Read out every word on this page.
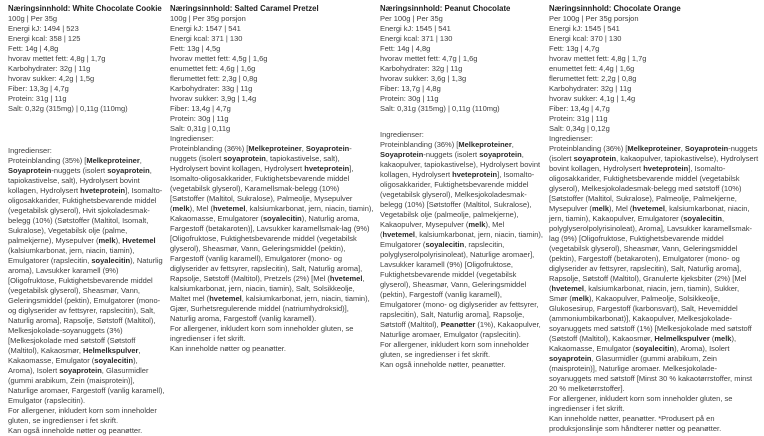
Næringsinnhold: White Chocolate Cookie
100g | Per 35g
Energi kJ: 1494 | 523
Energi kcal: 358 | 125
Fett: 14g | 4,8g
hvorav mettet fett: 4,8g | 1,7g
Karbohydrater: 32g | 11g
hvorav sukker: 4,2g | 1,5g
Fiber: 13,3g | 4,7g
Protein: 31g | 11g
Salt: 0,32g (315mg) | 0,11g (110mg)
Ingredienser:

Proteinblanding (35%) [Melkeproteiner, Soyaprotein-nuggets (isolert soyaprotein, tapiokastivelse, salt), Hydrolysert bovint kollagen, Hydrolysert hveteprotein], Isomalto-oligosakkarider, Fuktighetsbevarende middel (vegetabilsk glyserol), Hvit sjokoladesmak-belegg (10%) (Søtstoffer (Maltitol, Isomalt, Sukralose), Vegetabilsk olje (palme, palmekjerne), Mysepulver (melk), Hvetemel (kalsiumkarbonat, jern, niacin, tiamin), Emulgatorer (rapslecitin, soyalecitin), Naturlig aroma), Lavsukker karamell (9%) [Oligofruktose, Fuktighetsbevarende middel (vegetabilsk glyserol), Sheasmør, Vann, Geleringsmiddel (pektin), Emulgatorer (mono- og diglyserider av fettsyrer, rapslecitin), Salt, Naturlig aroma], Rapsolje, Søtstoff (Maltitol), Melkesjokolade-soyanuggets (3%) [Melkesjokolade med søtstoff (Søtstoff (Maltitol), Kakaosmør, Helmelkspulver, Kakaomasse, Emulgator (soyalecitin), Aroma), Isolert soyaprotein, Glasurmidler (gummi arabikum, Zein (maisprotein)], Naturlige aromaer, Fargestoff (vanlig karamell), Emulgator (rapslecitin).

For allergener, inkludert korn som inneholder gluten, se ingredienser i fet skrift.

Kan også inneholde nøtter og peanøtter.

Næringsinnhold: Salted Caramel Pretzel
100g | Per 35g porsjon
Energi kJ: 1547 | 541
Energi kcal: 371 | 130
Fett: 13g | 4,5g
hvorav mettet fett: 4,5g | 1,6g
enumettet fett: 4,6g | 1,6g
flerumettet fett: 2,3g | 0,8g
Karbohydrater: 33g | 11g
hvorav sukker: 3,9g | 1,4g
Fiber: 13,4g | 4,7g
Protein: 30g | 11g
Salt: 0,31g | 0,11g
Ingredienser:

Proteinblanding (36%) [Melkeproteiner, Soyaprotein-nuggets (isolert soyaprotein, tapiokastivelse, salt), Hydrolysert bovint kollagen, Hydrolysert hveteprotein], Isomalto-oligosakkarider, Fuktighetsbevarende middel (vegetabilsk glyserol), Karamellsmak-belegg (10%) [Søtstoffer (Maltitol, Sukralose), Palmeolje, Mysepulver (melk), Mel (hvetemel, kalsiumkarbonat, jern, niacin, tiamin), Kakaomasse, Emulgatorer (soyalecitin), Naturlig aroma, Fargestoff (betakaroten)], Lavsukker karamellsmak-lag (9%) [Oligofruktose, Fuktighetsbevarende middel (vegetabilsk glyserol), Sheasmør, Vann, Geleringsmiddel (pektin), Fargestoff (vanlig karamell), Emulgatorer (mono- og diglyserider av fettsyrer, rapslecitin), Salt, Naturlig aroma], Rapsolje, Søtstoff (Maltitol), Pretzels (2%) [Mel (hvetemel, kalsiumkarbonat, jern, niacin, tiamin), Salt, Solsikkeolje, Maltet mel (hvetemel, kalsiumkarbonat, jern, niacin, tiamin), Gjær, Surhetsregulerende middel (natriumhydroksid)], Naturlig aroma, Fargestoff (vanlig karamell).

For allergener, inkludert korn som inneholder gluten, se ingredienser i fet skrift.

Kan inneholde nøtter og peanøtter.

Næringsinnhold: Peanut Chocolate
Per 100g | Per 35g
Energi kJ: 1545 | 541
Energi kcal: 371 | 130
Fett: 14g | 4,8g
hvorav mettet fett: 4,7g | 1,6g
Karbohydrater: 32g | 11g
hvorav sukker: 3,6g | 1,3g
Fiber: 13,7g | 4,8g
Protein: 30g | 11g
Salt: 0,31g (315mg) | 0,11g (110mg)
Ingredienser:

Proteinblanding (36%) [Melkeproteiner, Soyaprotein-nuggets (isolert soyaprotein, kakaopulver, tapiokastivelse), Hydrolysert bovint kollagen, Hydrolysert hveteprotein], Isomalto-oligosakkarider, Fuktighetsbevarende middel (vegetabilsk glyserol), Melkesjokoladesmak-belegg (10%) [Søtstoffer (Maltitol, Sukralose), Vegetabilsk olje (palmeolje, palmekjerne), Kakaopulver, Mysepulver (melk), Mel (hvetemel, kalsiumkarbonat, jern, niacin, tiamin), Emulgatorer (soyalecitin, rapslecitin, polyglyserolpolyrisinoleat), Naturlige aromaer], Lavsukker karamell (9%) [Oligofruktose, Fuktighetsbevarende middel (vegetabilsk glyserol), Sheasmør, Vann, Geleringsmiddel (pektin), Fargestoff (vanlig karamell), Emulgatorer (mono- og diglyserider av fettsyrer, rapslecitin), Salt, Naturlig aroma], Rapsolje, Søtstoff (Maltitol), Peanøtter (1%), Kakaopulver, Naturlige aromaer, Emulgator (rapslecitin).

For allergener, inkludert korn som inneholder gluten, se ingredienser i fet skrift.

Kan også inneholde nøtter, peanøtter.

Næringsinnhold: Chocolate Orange
Per 100g | Per 35g porsjon
Energi kJ: 1545 | 541
Energi kcal: 370 | 130
Fett: 13g | 4,7g
hvorav mettet fett: 4,8g | 1,7g
enumettet fett: 4,4g | 1,6g
flerumettet fett: 2,2g | 0,8g
Karbohydrater: 32g | 11g
hvorav sukker: 4,1g | 1,4g
Fiber: 13,4g | 4,7g
Protein: 31g | 11g
Salt: 0,34g | 0,12g
Ingredienser:

Proteinblanding (36%) [Melkeproteiner, Soyaprotein-nuggets (isolert soyaprotein, kakaopulver, tapiokastivelse), Hydrolysert bovint kollagen, Hydrolysert hveteprotein], Isomalto-oligosakkarider, Fuktighetsbevarende middel (vegetabilsk glyserol), Melkesjokoladesmak-belegg med søtstoff (10%) [Søtstoffer (Maltitol, Sukralose), Palmeolje, Palmekjerne, Mysepulver (melk), Mel (hvetemel, kalsiumkarbonat, niacin, jern, tiamin), Kakaopulver, Emulgatorer (soyalecitin, polyglyserolpolyrisinoleat), Aroma], Lavsukker karamellsmak-lag (9%) [Oligofruktose, Fuktighetsbevarende middel (vegetabilsk glyserol), Sheasmør, Vann, Geleringsmiddel (pektin), Fargestoff (betakaroten), Emulgatorer (mono- og diglyserider av fettsyrer, rapslecitin), Salt, Naturlig aroma], Rapsolje, Søtstoff (Maltitol), Granulerte kjeksbiter (2%) [Mel (hvetemel, kalsiumkarbonat, niacin, jern, tiamin), Sukker, Smør (melk), Kakaopulver, Palmeolje, Solsikkeolje, Glukosesirup, Fargestoff (karbonsvart), Salt, Hevemiddel (ammoniumbikarbonat)], Kakaopulver, Melkesjokolade-soyanuggets med søtstoff (1%) [Melkesjokolade med søtstoff (Søtstoff (Maltitol), Kakaosmør, Helmelkspulver (melk), Kakaomasse, Emulgator (soyalecitin), Aroma), Isolert soyaprotein, Glasurmidler (gummi arabikum, Zein (maisprotein)], Naturlige aromaer. Melkesjokolade-soyanuggets med søtstoff [Minst 30 % kakaotørrstoffer, minst 20 % melketørrstoffer].

For allergener, inkludert korn som inneholder gluten, se ingredienser i fet skrift.

Kan inneholde nøtter, peanøtter. *Produsert på en produksjonslinje som håndterer nøtter og peanøtter.
